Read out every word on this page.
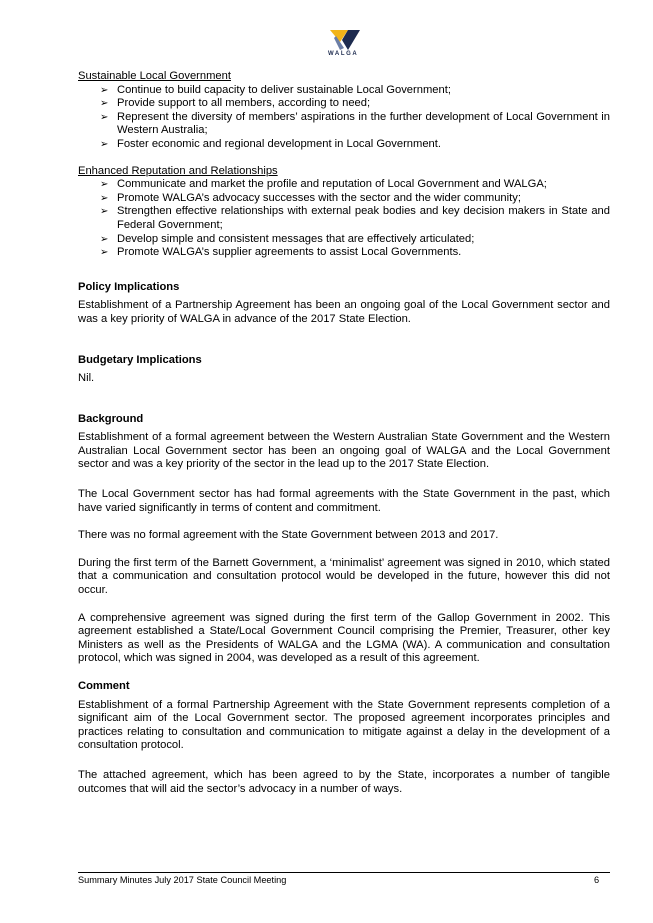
WALGA

Sustainable Local Government

➢ Continue to build capacity to deliver sustainable Local Government;
➢ Provide support to all members, according to need;
➢ Represent the diversity of members’ aspirations in the further development of Local Government in Western Australia;
➢ Foster economic and regional development in Local Government.

Enhanced Reputation and Relationships

➢ Communicate and market the profile and reputation of Local Government and WALGA;
➢ Promote WALGA’s advocacy successes with the sector and the wider community;
➢ Strengthen effective relationships with external peak bodies and key decision makers in State and Federal Government;
➢ Develop simple and consistent messages that are effectively articulated;
➢ Promote WALGA’s supplier agreements to assist Local Governments.

Policy Implications

Establishment of a Partnership Agreement has been an ongoing goal of the Local Government sector and was a key priority of WALGA in advance of the 2017 State Election.

Budgetary Implications

Nil.

Background

Establishment of a formal agreement between the Western Australian State Government and the Western Australian Local Government sector has been an ongoing goal of WALGA and the Local Government sector and was a key priority of the sector in the lead up to the 2017 State Election.

The Local Government sector has had formal agreements with the State Government in the past, which have varied significantly in terms of content and commitment.

There was no formal agreement with the State Government between 2013 and 2017.

During the first term of the Barnett Government, a ‘minimalist’ agreement was signed in 2010, which stated that a communication and consultation protocol would be developed in the future, however this did not occur.

A comprehensive agreement was signed during the first term of the Gallop Government in 2002. This agreement established a State/Local Government Council comprising the Premier, Treasurer, other key Ministers as well as the Presidents of WALGA and the LGMA (WA). A communication and consultation protocol, which was signed in 2004, was developed as a result of this agreement.

Comment

Establishment of a formal Partnership Agreement with the State Government represents completion of a significant aim of the Local Government sector. The proposed agreement incorporates principles and practices relating to consultation and communication to mitigate against a delay in the development of a consultation protocol.

The attached agreement, which has been agreed to by the State, incorporates a number of tangible outcomes that will aid the sector’s advocacy in a number of ways.

Summary Minutes July 2017 State Council Meeting	6
